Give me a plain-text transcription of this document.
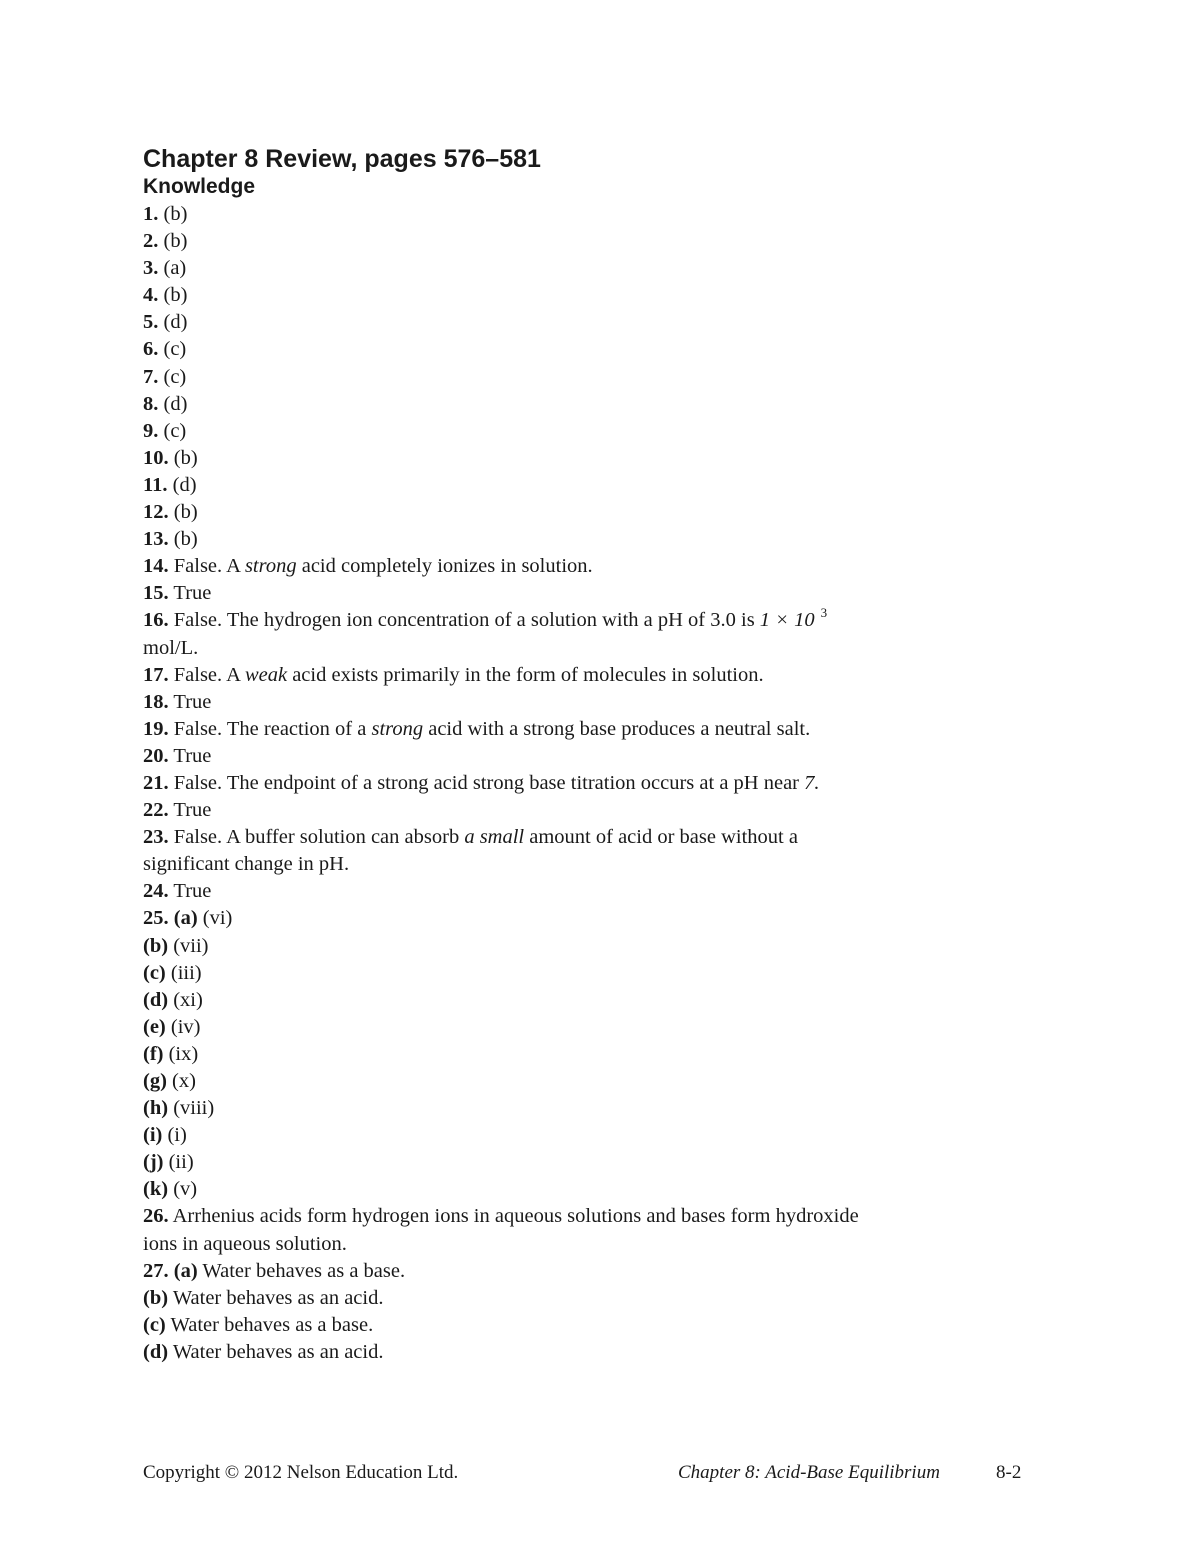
Chapter 8 Review, pages 576–581
Knowledge
1. (b)
2. (b)
3. (a)
4. (b)
5. (d)
6. (c)
7. (c)
8. (d)
9. (c)
10. (b)
11. (d)
12. (b)
13. (b)
14. False. A strong acid completely ionizes in solution.
15. True
16. False. The hydrogen ion concentration of a solution with a pH of 3.0 is 1 × 10 $^3$
mol/L.
17. False. A weak acid exists primarily in the form of molecules in solution.
18. True
19. False. The reaction of a strong acid with a strong base produces a neutral salt.
20. True
21. False. The endpoint of a strong acid strong base titration occurs at a pH near 7.
22. True
23. False. A buffer solution can absorb a small amount of acid or base without a
significant change in pH.
24. True
25. (a) (vi)
(b) (vii)
(c) (iii)
(d) (xi)
(e) (iv)
(f) (ix)
(g) (x)
(h) (viii)
(i) (i)
(j) (ii)
(k) (v)
26. Arrhenius acids form hydrogen ions in aqueous solutions and bases form hydroxide
ions in aqueous solution.
27. (a) Water behaves as a base.
(b) Water behaves as an acid.
(c) Water behaves as a base.
(d) Water behaves as an acid.
Copyright © 2012 Nelson Education Ltd.	Chapter 8: Acid-Base Equilibrium	8-2
